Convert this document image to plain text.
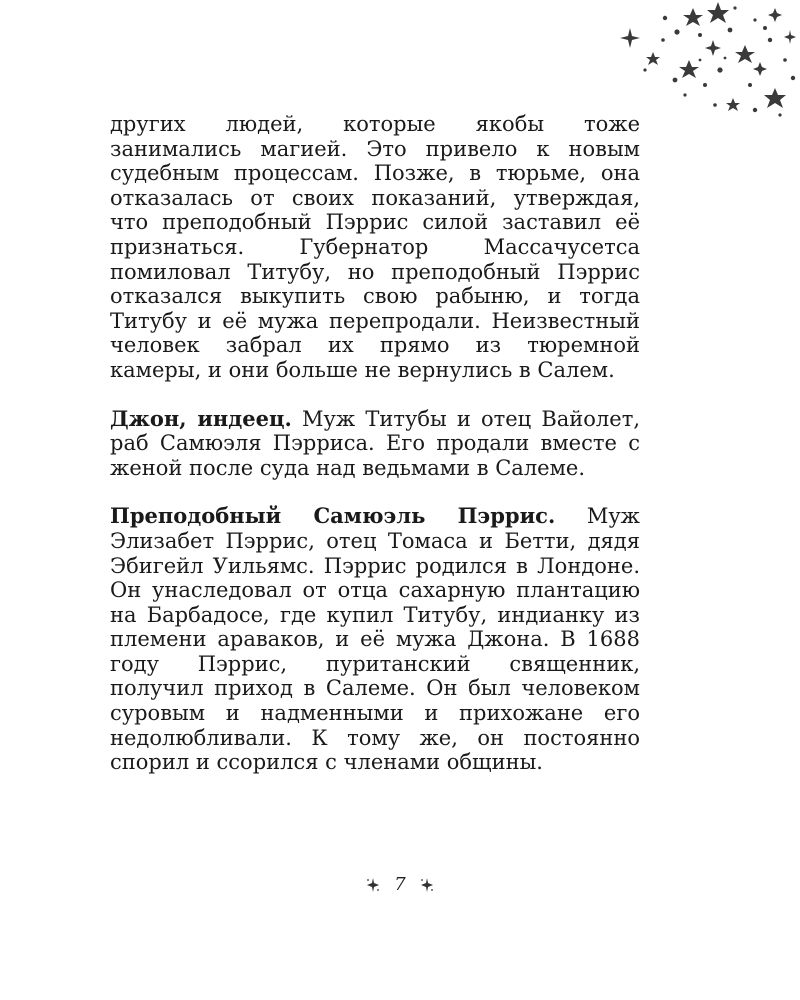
других людей, которые якобы тоже занимались магией. Это привело к новым судебным процессам. Позже, в тюрьме, она отказалась от своих показаний, утверждая, что преподобный Пэррис силой заставил её признаться. Губернатор Массачусетса помиловал Титубу, но преподобный Пэррис отказался выкупить свою рабыню, и тогда Титубу и её мужа перепродали. Неизвестный человек забрал их прямо из тюремной камеры, и они больше не вернулись в Салем.

Джон, индеец. Муж Титубы и отец Вайолет, раб Самюэля Пэрриса. Его продали вместе с женой после суда над ведьмами в Салеме.

Преподобный Самюэль Пэррис. Муж Элизабет Пэррис, отец Томаса и Бетти, дядя Эбигейл Уильямс. Пэррис родился в Лондоне. Он унаследовал от отца сахарную плантацию на Барбадосе, где купил Титубу, индианку из племени араваков, и её мужа Джона. В 1688 году Пэррис, пуританский священник, получил приход в Салеме. Он был человеком суровым и надменными и прихожане его недолюбливали. К тому же, он постоянно спорил и ссорился с членами общины.

7
